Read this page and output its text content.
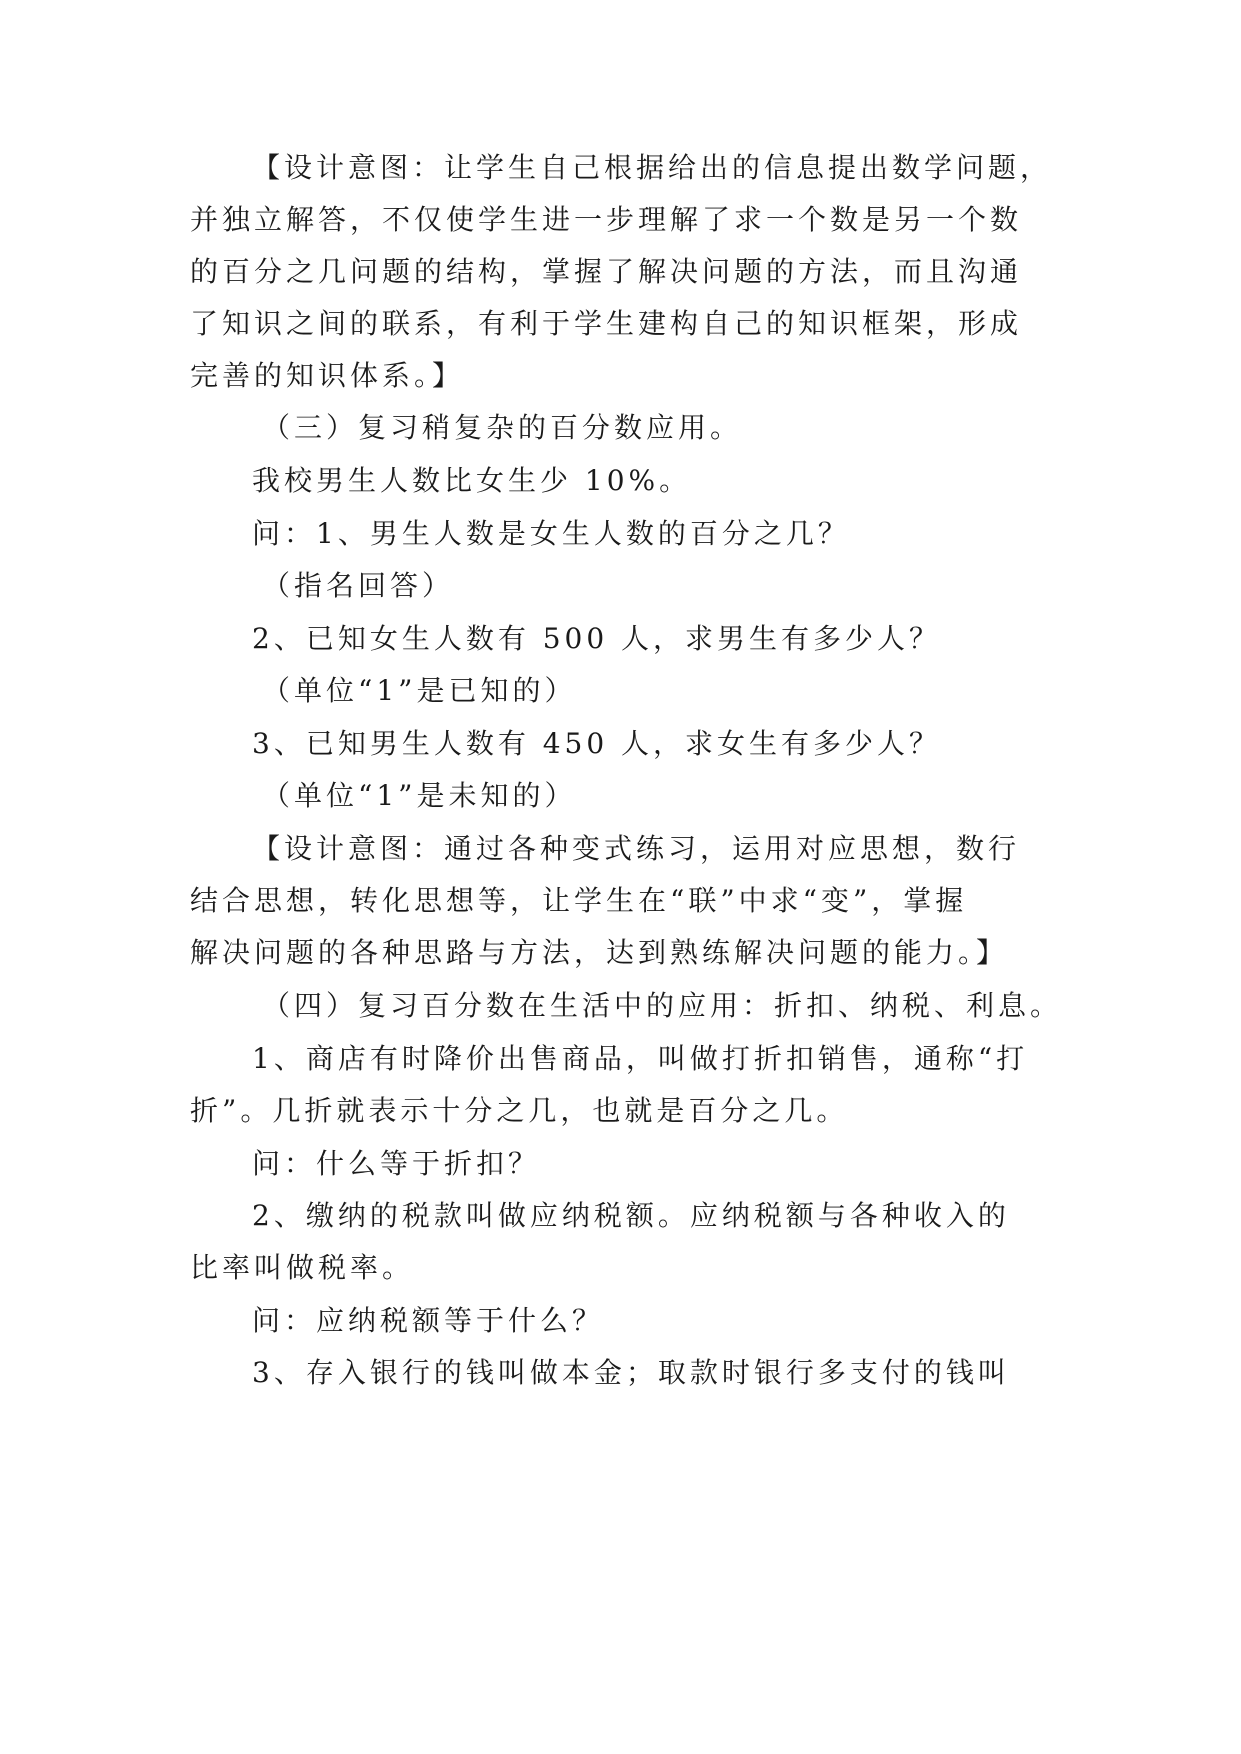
【设计意图：让学生自己根据给出的信息提出数学问题，
并独立解答，不仅使学生进一步理解了求一个数是另一个数
的百分之几问题的结构，掌握了解决问题的方法，而且沟通
了知识之间的联系，有利于学生建构自己的知识框架，形成
完善的知识体系。】
（三）复习稍复杂的百分数应用。
我校男生人数比女生少 10%。
问：1、男生人数是女生人数的百分之几？
（指名回答）
2、已知女生人数有 500 人，求男生有多少人？
（单位“1”是已知的）
3、已知男生人数有 450 人，求女生有多少人？
（单位“1”是未知的）
【设计意图：通过各种变式练习，运用对应思想，数行
结合思想，转化思想等，让学生在“联”中求“变”，掌握
解决问题的各种思路与方法，达到熟练解决问题的能力。】
（四）复习百分数在生活中的应用：折扣、纳税、利息。
1、商店有时降价出售商品，叫做打折扣销售，通称“打
折”。几折就表示十分之几，也就是百分之几。
问：什么等于折扣？
2、缴纳的税款叫做应纳税额。应纳税额与各种收入的
比率叫做税率。
问：应纳税额等于什么？
3、存入银行的钱叫做本金；取款时银行多支付的钱叫
